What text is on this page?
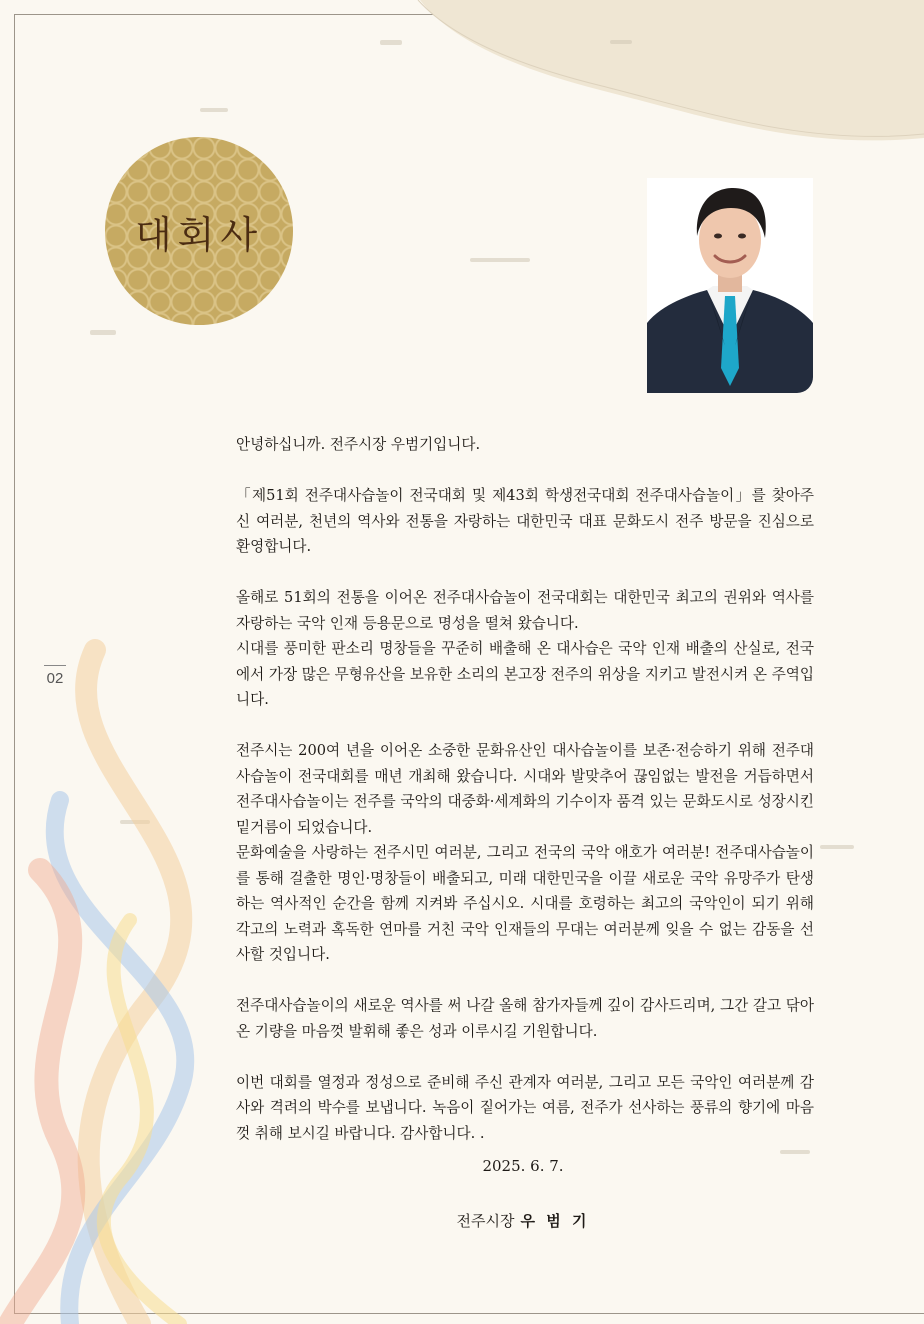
대회사
02

안녕하십니까. 전주시장 우범기입니다.

「제51회 전주대사습놀이 전국대회 및 제43회 학생전국대회 전주대사습놀이」를 찾아주신 여러분, 천년의 역사와 전통을 자랑하는 대한민국 대표 문화도시 전주 방문을 진심으로 환영합니다.

올해로 51회의 전통을 이어온 전주대사습놀이 전국대회는 대한민국 최고의 권위와 역사를 자랑하는 국악 인재 등용문으로 명성을 떨쳐 왔습니다.

시대를 풍미한 판소리 명창들을 꾸준히 배출해 온 대사습은 국악 인재 배출의 산실로, 전국에서 가장 많은 무형유산을 보유한 소리의 본고장 전주의 위상을 지키고 발전시켜 온 주역입니다.

전주시는 200여 년을 이어온 소중한 문화유산인 대사습놀이를 보존·전승하기 위해 전주대사습놀이 전국대회를 매년 개최해 왔습니다. 시대와 발맞추어 끊임없는 발전을 거듭하면서 전주대사습놀이는 전주를 국악의 대중화·세계화의 기수이자 품격 있는 문화도시로 성장시킨 밑거름이 되었습니다.

문화예술을 사랑하는 전주시민 여러분, 그리고 전국의 국악 애호가 여러분! 전주대사습놀이를 통해 걸출한 명인·명창들이 배출되고, 미래 대한민국을 이끌 새로운 국악 유망주가 탄생하는 역사적인 순간을 함께 지켜봐 주십시오. 시대를 호령하는 최고의 국악인이 되기 위해 각고의 노력과 혹독한 연마를 거친 국악 인재들의 무대는 여러분께 잊을 수 없는 감동을 선사할 것입니다.

전주대사습놀이의 새로운 역사를 써 나갈 올해 참가자들께 깊이 감사드리며, 그간 갈고 닦아온 기량을 마음껏 발휘해 좋은 성과 이루시길 기원합니다.

이번 대회를 열정과 정성으로 준비해 주신 관계자 여러분, 그리고 모든 국악인 여러분께 감사와 격려의 박수를 보냅니다. 녹음이 짙어가는 여름, 전주가 선사하는 풍류의 향기에 마음껏 취해 보시길 바랍니다. 감사합니다. .

2025. 6. 7.
전주시장 우 범 기
